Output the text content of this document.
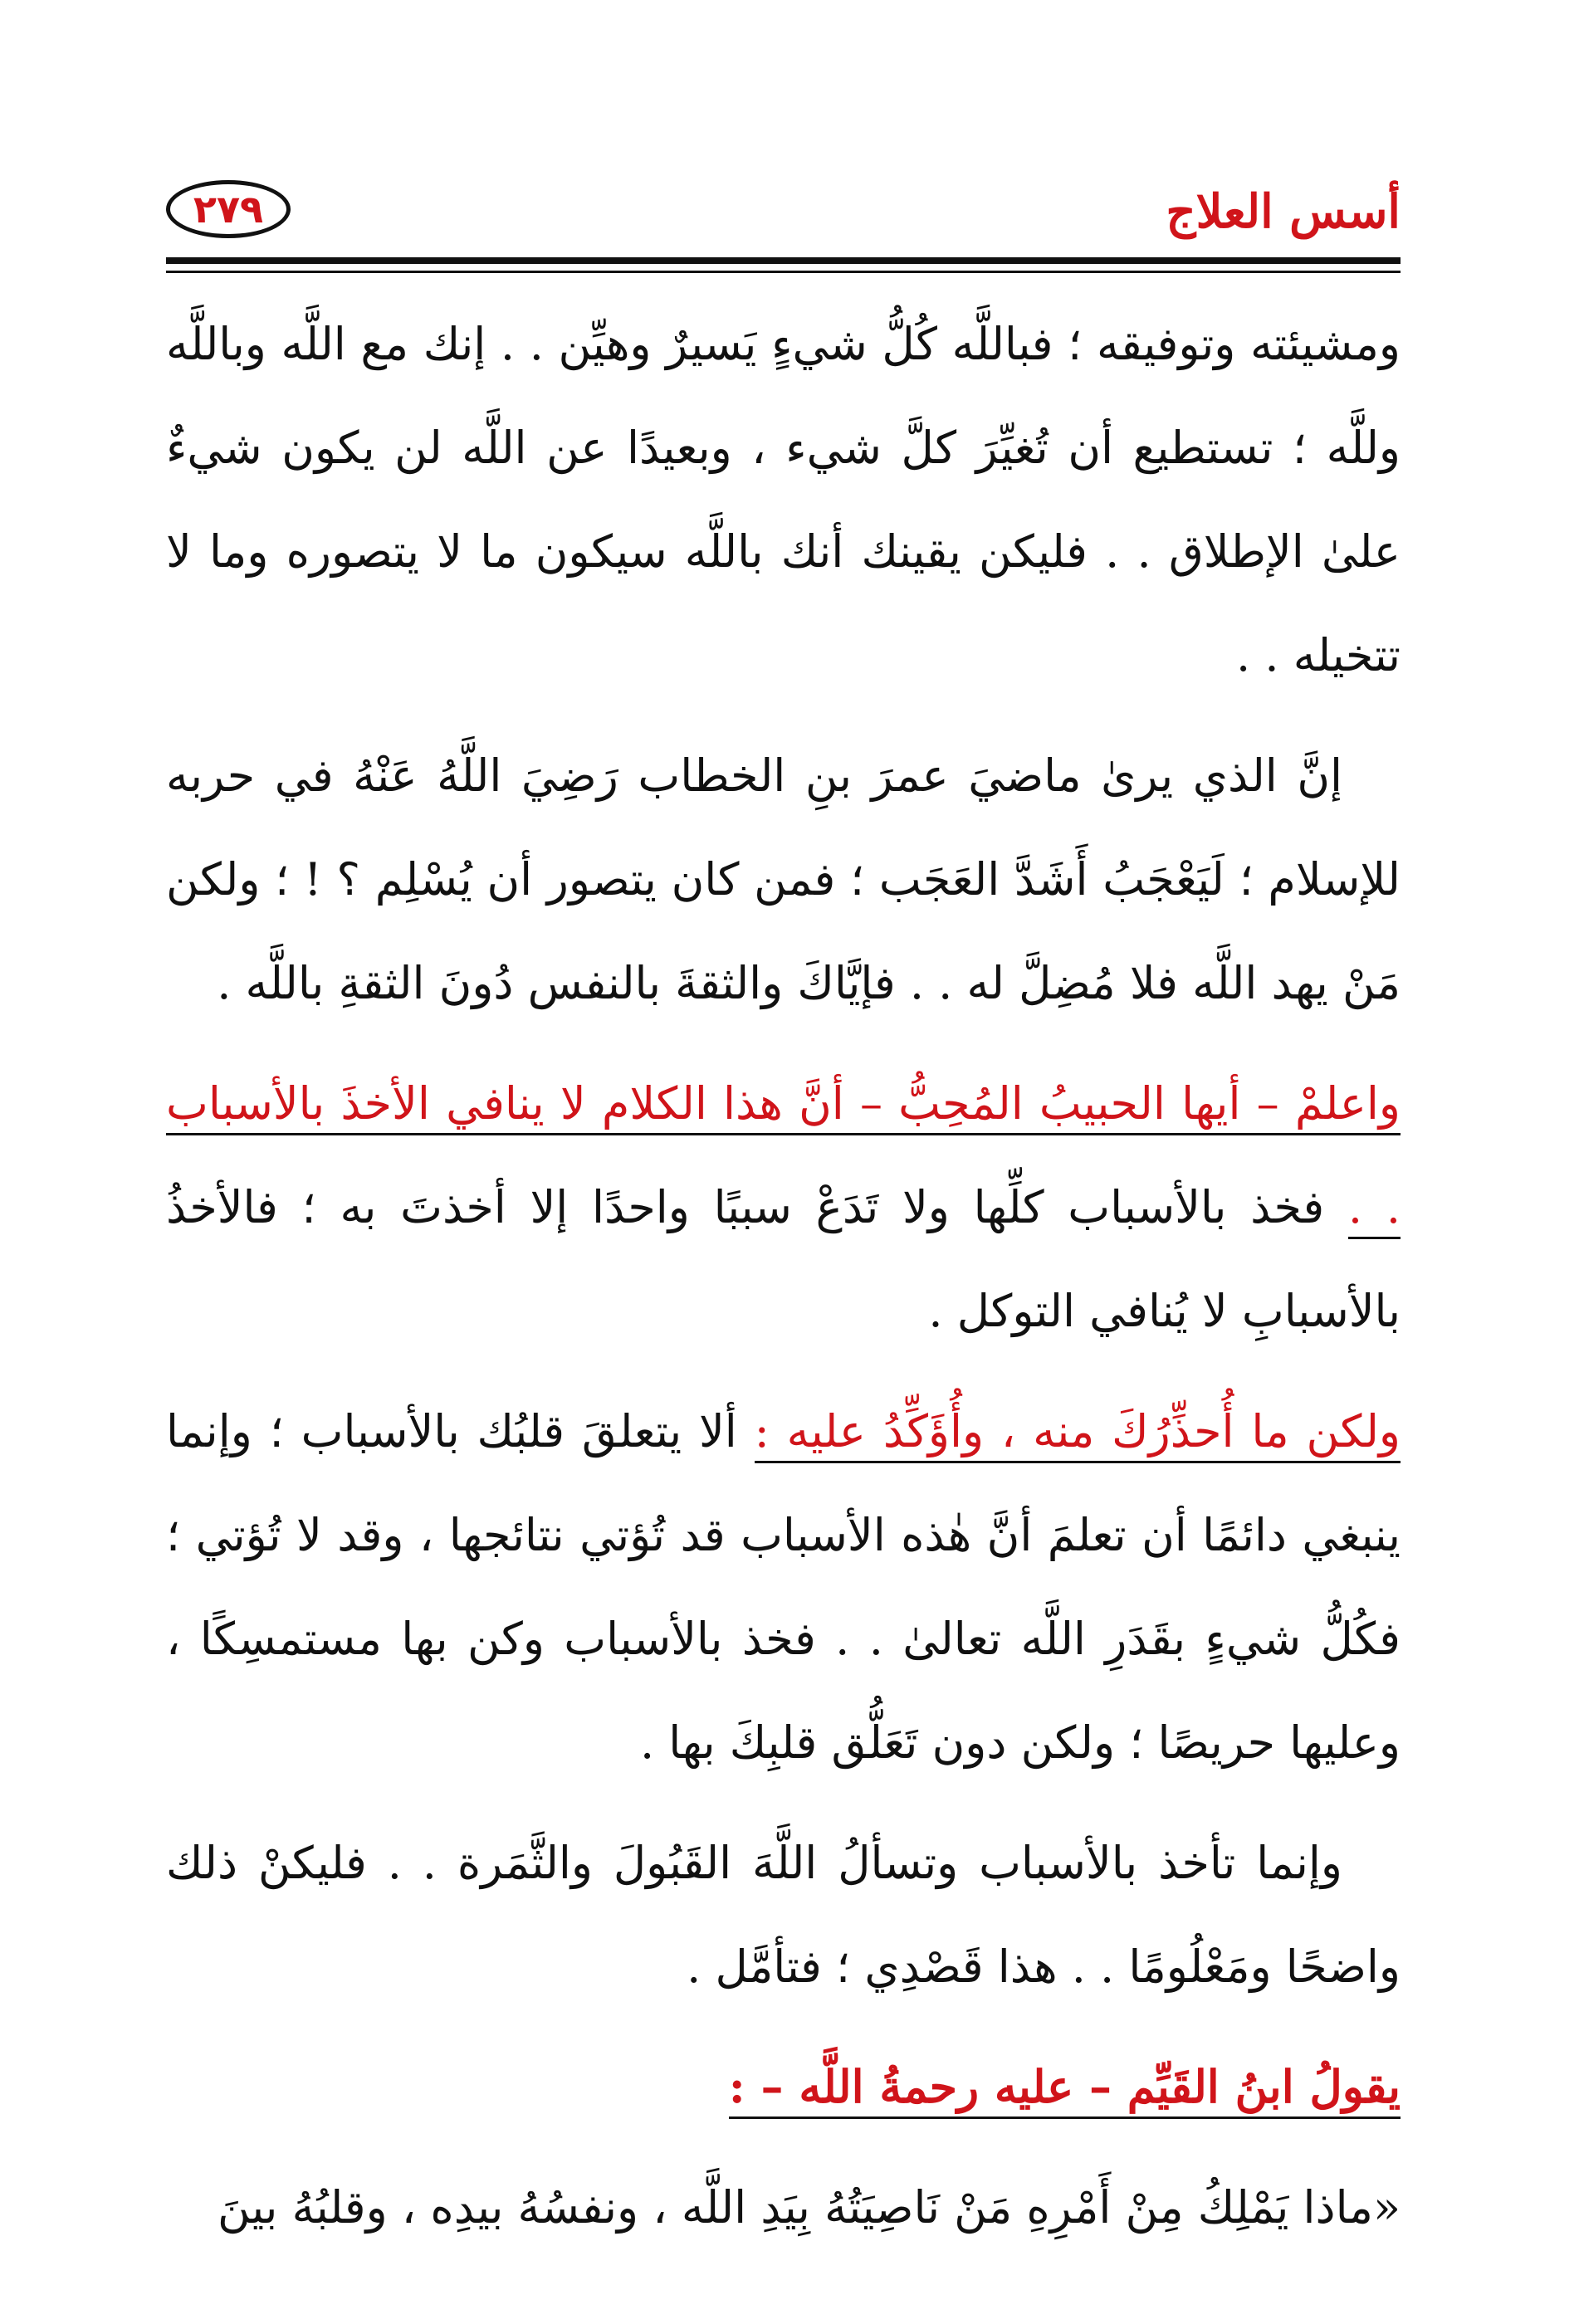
أسس العلاج
٢٧٩

ومشيئته وتوفيقه ؛ فباللَّه كُلُّ شيءٍ يَسيرٌ وهيِّن . . إنك مع اللَّه وباللَّه وللَّه ؛ تستطيع أن تُغيِّرَ كلَّ شيء ، وبعيدًا عن اللَّه لن يكون شيءٌ علىٰ الإطلاق . . فليكن يقينك أنك باللَّه سيكون ما لا يتصوره وما لا تتخيله . .

إنَّ الذي يرىٰ ماضيَ عمرَ بنِ الخطاب رَضِيَ اللَّهُ عَنْهُ في حربه للإسلام ؛ لَيَعْجَبُ أَشَدَّ العَجَب ؛ فمن كان يتصور أن يُسْلِم ؟ ! ؛ ولكن مَنْ يهد اللَّه فلا مُضِلَّ له . . فإيَّاكَ والثقةَ بالنفس دُونَ الثقةِ باللَّه .

واعلمْ – أيها الحبيبُ المُحِبُّ – أنَّ هذا الكلام لا ينافي الأخذَ بالأسباب . . فخذ بالأسباب كلِّها ولا تَدَعْ سببًا واحدًا إلا أخذتَ به ؛ فالأخذُ بالأسبابِ لا يُنافي التوكل .

ولكن ما أُحذِّرُكَ منه ، وأُؤَكِّدُ عليه : ألا يتعلقَ قلبُك بالأسباب ؛ وإنما ينبغي دائمًا أن تعلمَ أنَّ هٰذه الأسباب قد تُؤتي نتائجها ، وقد لا تُؤتي ؛ فكُلُّ شيءٍ بقَدَرِ اللَّه تعالىٰ . . فخذ بالأسباب وكن بها مستمسِكًا ، وعليها حريصًا ؛ ولكن دون تَعَلُّق قلبِكَ بها .

وإنما تأخذ بالأسباب وتسألُ اللَّهَ القَبُولَ والثَّمَرة . . فليكنْ ذلك واضحًا ومَعْلُومًا . . هذا قَصْدِي ؛ فتأمَّل .

يقولُ ابنُ القَيِّم – عليه رحمةُ اللَّه – :

«ماذا يَمْلِكُ مِنْ أَمْرِهِ مَنْ نَاصِيَتُهُ بِيَدِ اللَّه ، ونفسُهُ بيدِه ، وقلبُهُ بينَ
